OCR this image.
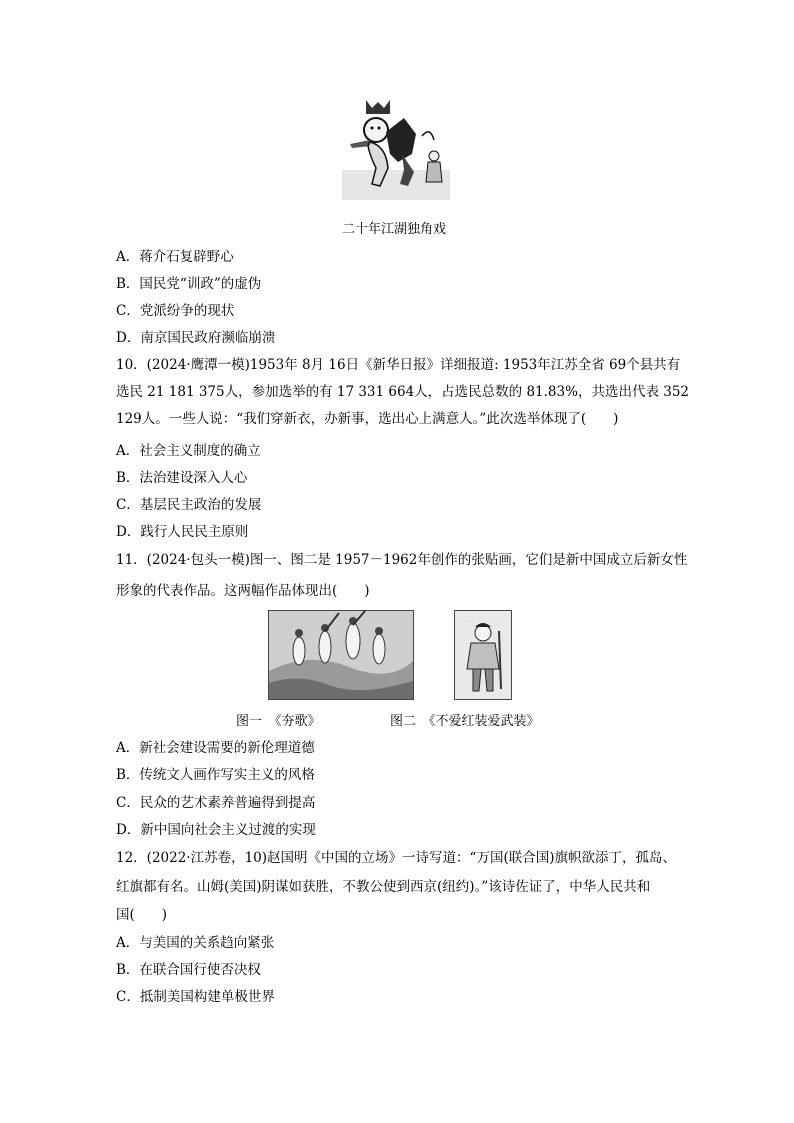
二十年江湖独角戏
A．蒋介石复辟野心
B．国民党“训政”的虚伪
C．党派纷争的现状
D．南京国民政府濒临崩溃
10．(2024·鹰潭一模)1953年 8月 16日《新华日报》详细报道: 1953年江苏全省 69个县共有
选民 21 181 375人，参加选举的有 17 331 664人，占选民总数的 81.83%，共选出代表 352
129人。一些人说：“我们穿新衣，办新事，选出心上满意人。”此次选举体现了(　　)
A．社会主义制度的确立
B．法治建设深入人心
C．基层民主政治的发展
D．践行人民民主原则
11．(2024·包头一模)图一、图二是 1957－1962年创作的张贴画，它们是新中国成立后新女性
形象的代表作品。这两幅作品体现出(　　)
· · · · ·
图一　《夯歌》	图二　《不爱红装爱武装》
A．新社会建设需要的新伦理道德
B．传统文人画作写实主义的风格
C．民众的艺术素养普遍得到提高
D．新中国向社会主义过渡的实现
12．(2022·江苏卷，10)赵国明《中国的立场》一诗写道：“万国(联合国)旗帜欲添丁，孤岛、
红旗都有名。山姆(美国)阴谋如获胜，不教公使到西京(纽约)。”该诗佐证了，中华人民共和
国(　　)
A．与美国的关系趋向紧张
B．在联合国行使否决权
C．抵制美国构建单极世界
